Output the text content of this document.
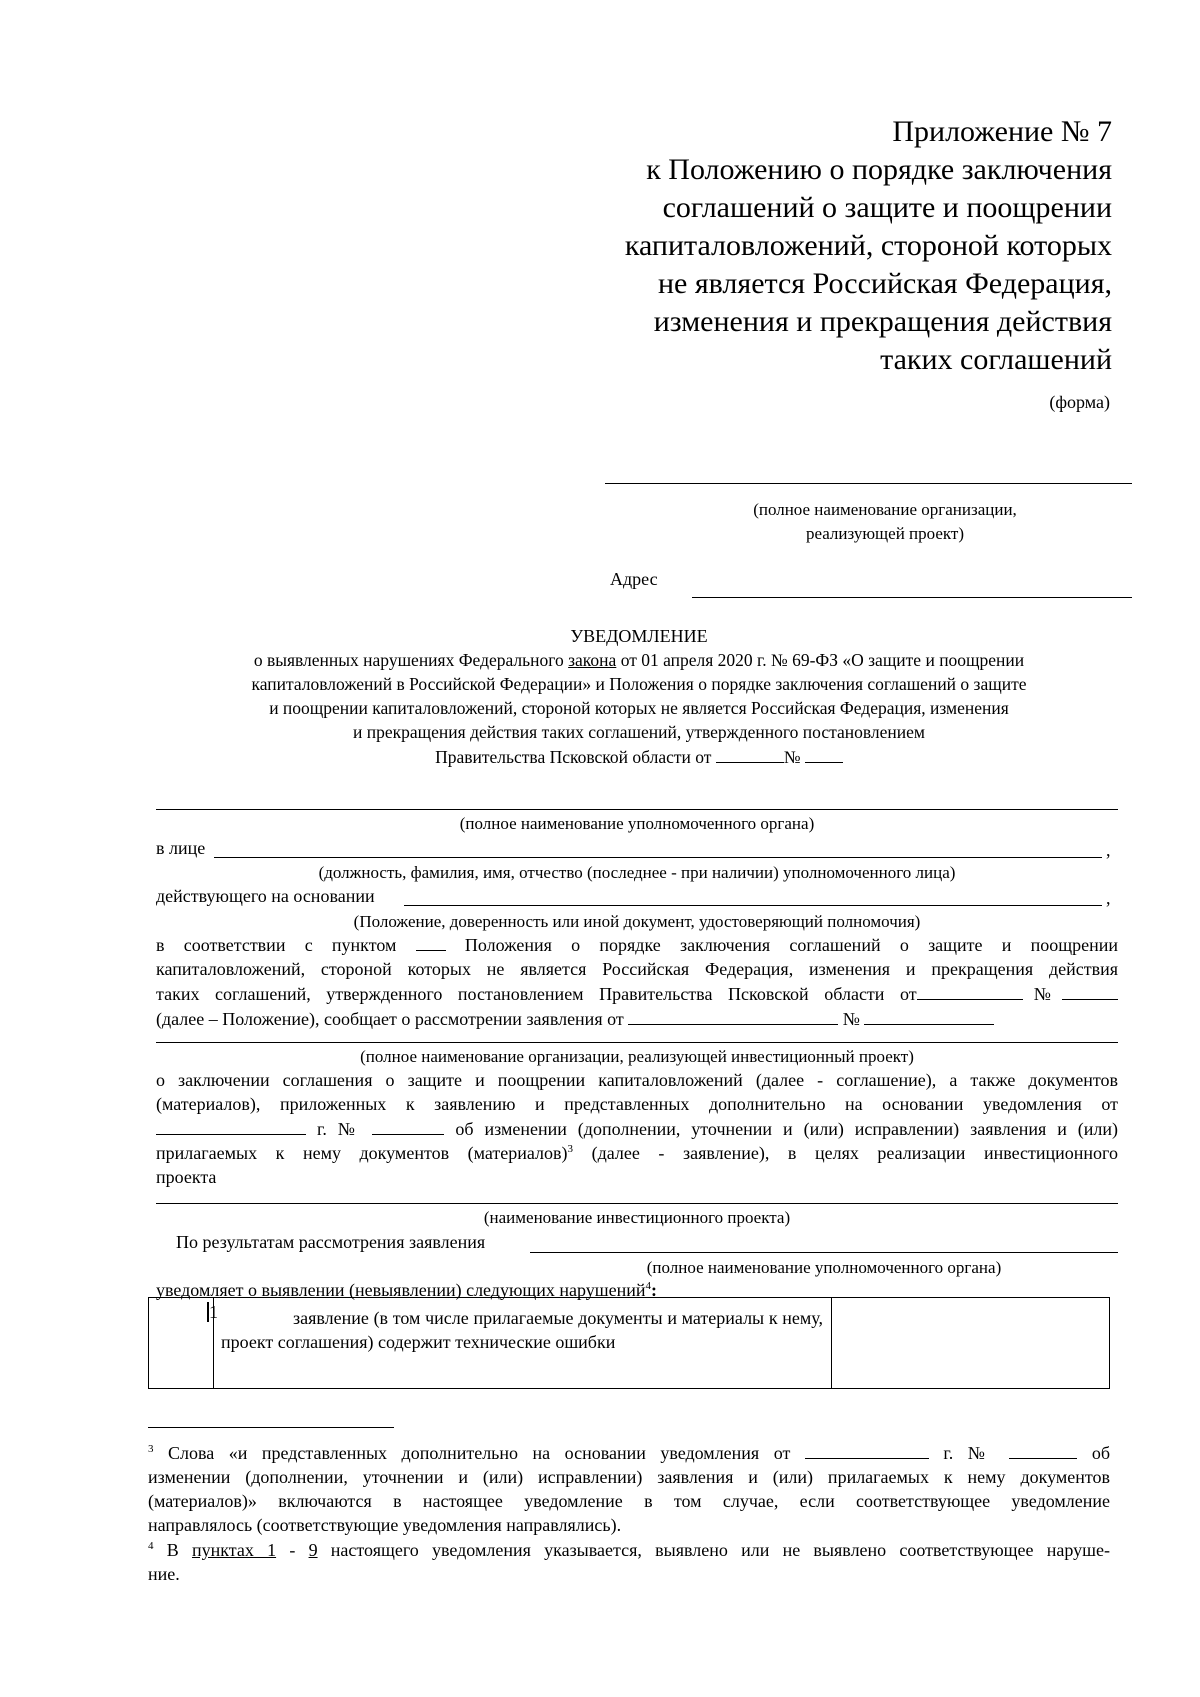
Приложение № 7
к Положению о порядке заключения
соглашений о защите и поощрении
капиталовложений, стороной которых
не является Российская Федерация,
изменения и прекращения действия
таких соглашений
(форма)
(полное наименование организации,
реализующей проект)
Адрес
УВЕДОМЛЕНИЕ
о выявленных нарушениях Федерального закона от 01 апреля 2020 г. № 69-ФЗ «О защите и поощрении
капиталовложений в Российской Федерации» и Положения о порядке заключения соглашений о защите
и поощрении капиталовложений, стороной которых не является Российская Федерация, изменения
и прекращения действия таких соглашений, утвержденного постановлением
Правительства Псковской области от	№
(полное наименование уполномоченного органа)
в лице	,
(должность, фамилия, имя, отчество (последнее - при наличии) уполномоченного лица)
действующего на основании	,
(Положение, доверенность или иной документ, удостоверяющий полномочия)
в соответствии с пунктом	Положения о порядке заключения соглашений о защите и поощрении
капиталовложений, стороной которых не является Российская Федерация, изменения и прекращения действия
таких соглашений, утвержденного постановлением Правительства Псковской области от	№
(далее – Положение), сообщает о рассмотрении заявления от	№
(полное наименование организации, реализующей инвестиционный проект)
о заключении соглашения о защите и поощрении капиталовложений (далее - соглашение), а также документов
(материалов), приложенных к заявлению и представленных дополнительно на основании уведомления от
г. №	об изменении (дополнении, уточнении и (или) исправлении) заявления и (или)
прилагаемых к нему документов (материалов)$^3$ (далее - заявление), в целях реализации инвестиционного
проекта
(наименование инвестиционного проекта)
По результатам рассмотрения заявления
(полное наименование уполномоченного органа)
уведомляет о выявлении (невыявлении) следующих нарушений$^4$:
1	заявление (в том числе прилагаемые документы и материалы к нему, проект соглашения) содержит технические ошибки
$^3$ Слова «и представленных дополнительно на основании уведомления от	г. №	об
изменении (дополнении, уточнении и (или) исправлении) заявления и (или) прилагаемых к нему документов
(материалов)» включаются в настоящее уведомление в том случае, если соответствующее уведомление
направлялось (соответствующие уведомления направлялись).
$^4$ В пунктах 1 - 9 настоящего уведомления указывается, выявлено или не выявлено соответствующее наруше-
ние.
